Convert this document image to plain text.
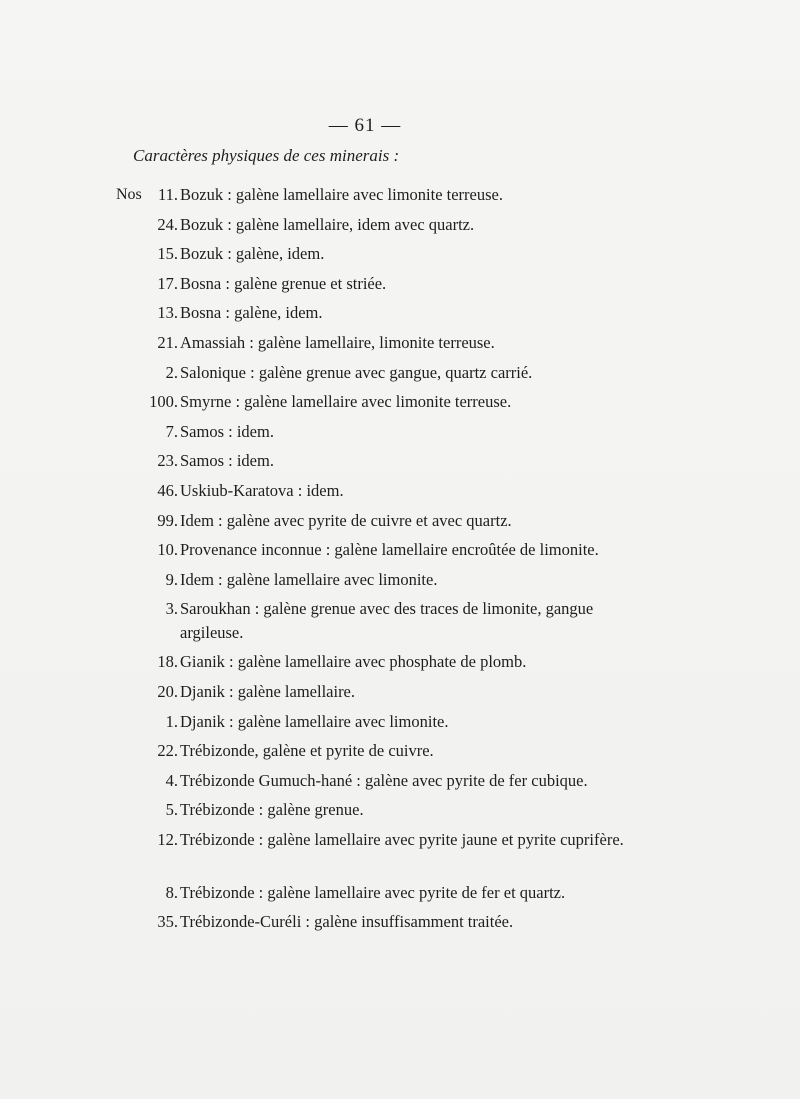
— 61 —
Caractères physiques de ces minerais :
Nos 11. Bozuk : galène lamellaire avec limonite terreuse.
24. Bozuk : galène lamellaire, idem avec quartz.
15. Bozuk : galène, idem.
17. Bosna : galène grenue et striée.
13. Bosna : galène, idem.
21. Amassiah : galène lamellaire, limonite terreuse.
2. Salonique : galène grenue avec gangue, quartz carrié.
100. Smyrne : galène lamellaire avec limonite terreuse.
7. Samos : idem.
23. Samos : idem.
46. Uskiub-Karatova : idem.
99. Idem : galène avec pyrite de cuivre et avec quartz.
10. Provenance inconnue : galène lamellaire encroûtée de limonite.
9. Idem : galène lamellaire avec limonite.
3. Saroukhan : galène grenue avec des traces de limonite, gangue argileuse.
18. Gianik : galène lamellaire avec phosphate de plomb.
20. Djanik : galène lamellaire.
1. Djanik : galène lamellaire avec limonite.
22. Trébizonde, galène et pyrite de cuivre.
4. Trébizonde Gumuch-hané : galène avec pyrite de fer cubique.
5. Trébizonde : galène grenue.
12. Trébizonde : galène lamellaire avec pyrite jaune et pyrite cuprifère.
8. Trébizonde : galène lamellaire avec pyrite de fer et quartz.
35. Trébizonde-Curéli : galène insuffisamment traitée.
